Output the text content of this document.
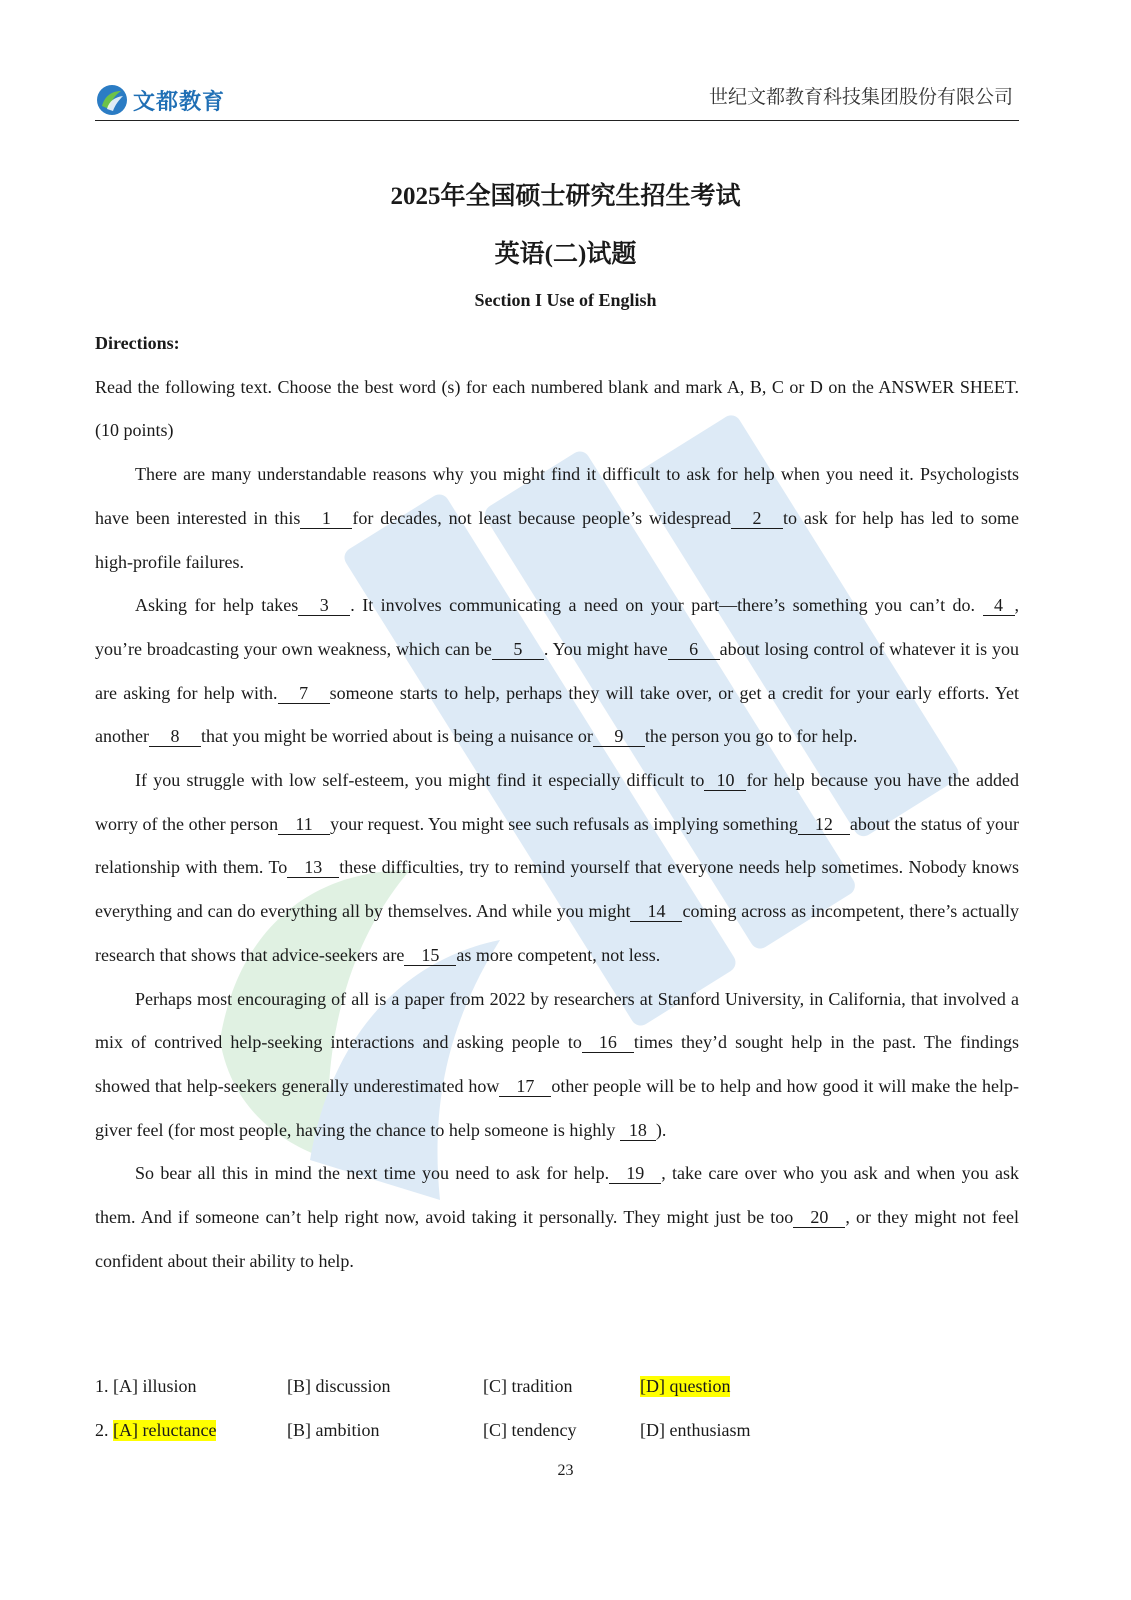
文都教育	世纪文都教育科技集团股份有限公司
2025年全国硕士研究生招生考试
英语(二)试题
Section I Use of English

Directions:

Read the following text. Choose the best word (s) for each numbered blank and mark A, B, C or D on the ANSWER SHEET. (10 points)

There are many understandable reasons why you might find it difficult to ask for help when you need it. Psychologists have been interested in this 1 for decades, not least because people’s widespread 2 to ask for help has led to some high-profile failures.

Asking for help takes 3 . It involves communicating a need on your part—there’s something you can’t do. 4 , you’re broadcasting your own weakness, which can be 5 . You might have 6 about losing control of whatever it is you are asking for help with. 7 someone starts to help, perhaps they will take over, or get a credit for your early efforts. Yet another 8 that you might be worried about is being a nuisance or 9 the person you go to for help.

If you struggle with low self-esteem, you might find it especially difficult to 10 for help because you have the added worry of the other person 11 your request. You might see such refusals as implying something 12 about the status of your relationship with them. To 13 these difficulties, try to remind yourself that everyone needs help sometimes. Nobody knows everything and can do everything all by themselves. And while you might 14 coming across as incompetent, there’s actually research that shows that advice-seekers are 15 as more competent, not less.

Perhaps most encouraging of all is a paper from 2022 by researchers at Stanford University, in California, that involved a mix of contrived help-seeking interactions and asking people to 16 times they’d sought help in the past. The findings showed that help-seekers generally underestimated how 17 other people will be to help and how good it will make the help-giver feel (for most people, having the chance to help someone is highly 18 ).

So bear all this in mind the next time you need to ask for help. 19 , take care over who you ask and when you ask them. And if someone can’t help right now, avoid taking it personally. They might just be too 20 , or they might not feel confident about their ability to help.

1. [A] illusion	[B] discussion	[C] tradition	[D] question
2. [A] reluctance	[B] ambition	[C] tendency	[D] enthusiasm
23
